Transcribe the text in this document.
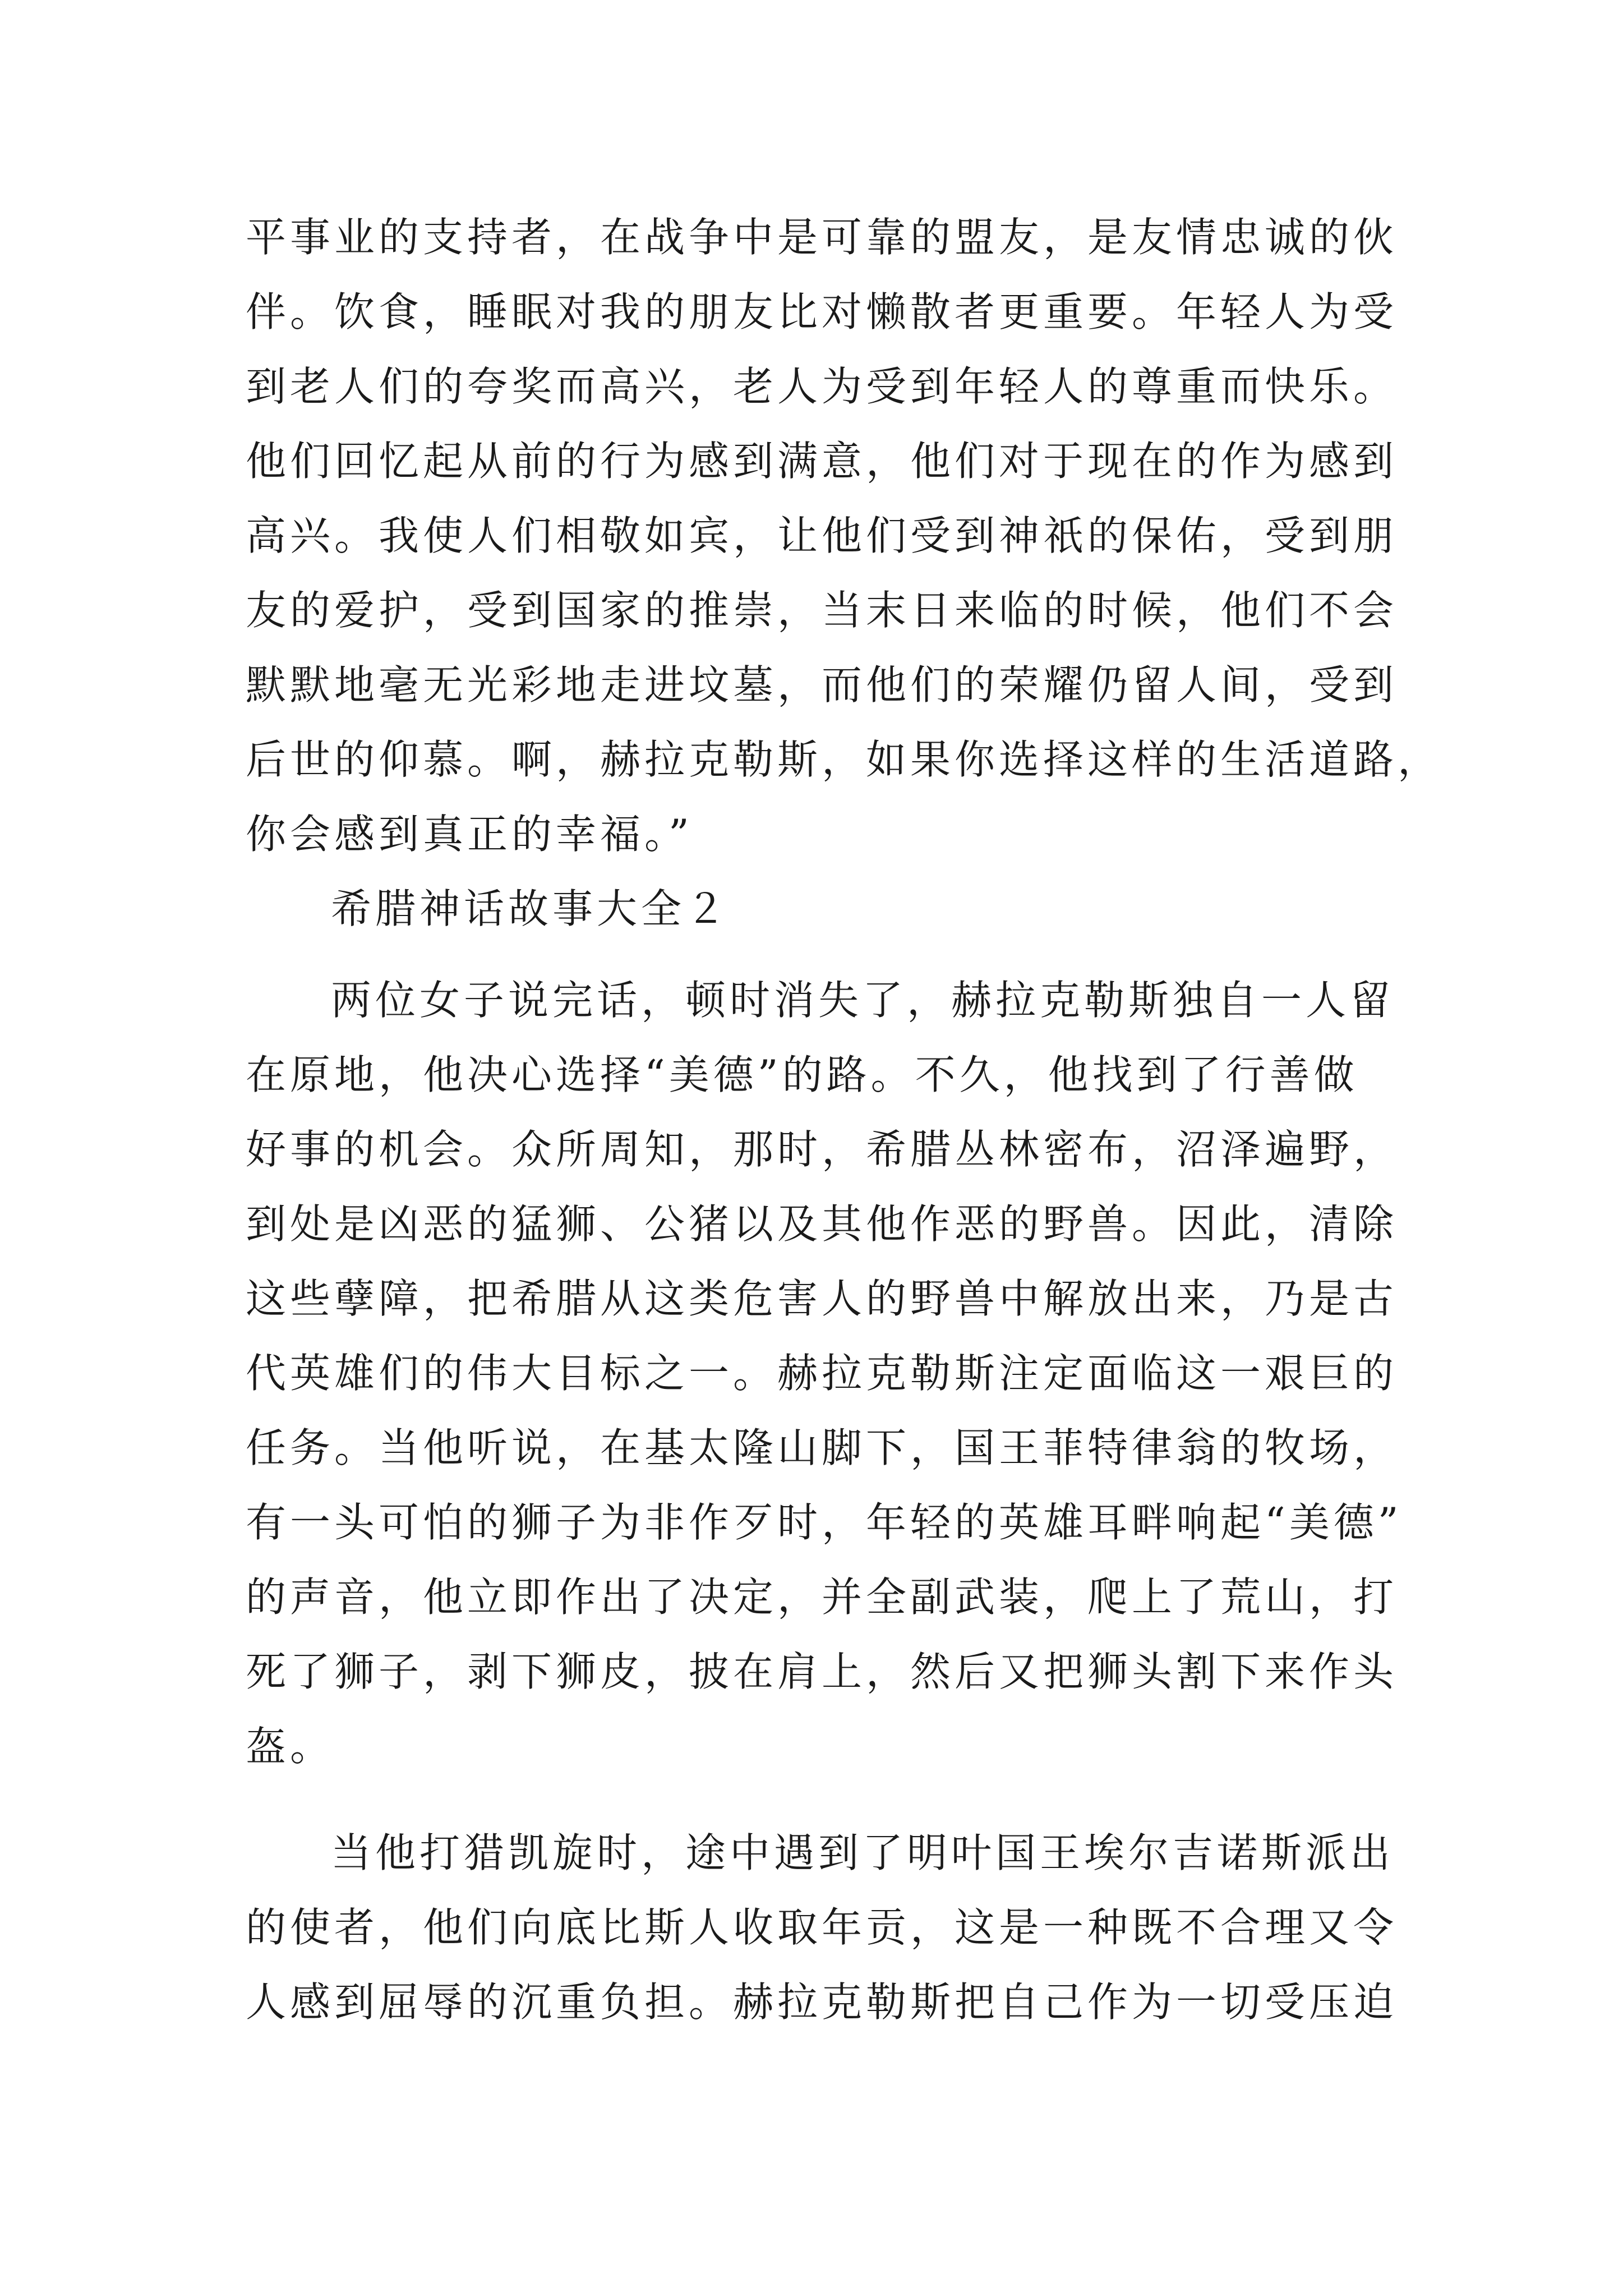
平事业的支持者，在战争中是可靠的盟友，是友情忠诚的伙
伴。饮食，睡眠对我的朋友比对懒散者更重要。年轻人为受
到老人们的夸奖而高兴，老人为受到年轻人的尊重而快乐。
他们回忆起从前的行为感到满意，他们对于现在的作为感到
高兴。我使人们相敬如宾，让他们受到神祇的保佑，受到朋
友的爱护，受到国家的推崇，当末日来临的时候，他们不会
默默地毫无光彩地走进坟墓，而他们的荣耀仍留人间，受到
后世的仰慕。啊，赫拉克勒斯，如果你选择这样的生活道路，
你会感到真正的幸福。”
希腊神话故事大全２
两位女子说完话，顿时消失了，赫拉克勒斯独自一人留
在原地，他决心选择“美德”的路。不久，他找到了行善做
好事的机会。众所周知，那时，希腊丛林密布，沼泽遍野，
到处是凶恶的猛狮、公猪以及其他作恶的野兽。因此，清除
这些孽障，把希腊从这类危害人的野兽中解放出来，乃是古
代英雄们的伟大目标之一。赫拉克勒斯注定面临这一艰巨的
任务。当他听说，在基太隆山脚下，国王菲特律翁的牧场，
有一头可怕的狮子为非作歹时，年轻的英雄耳畔响起“美德”
的声音，他立即作出了决定，并全副武装，爬上了荒山，打
死了狮子，剥下狮皮，披在肩上，然后又把狮头割下来作头
盔。
当他打猎凯旋时，途中遇到了明叶国王埃尔吉诺斯派出
的使者，他们向底比斯人收取年贡，这是一种既不合理又令
人感到屈辱的沉重负担。赫拉克勒斯把自己作为一切受压迫
